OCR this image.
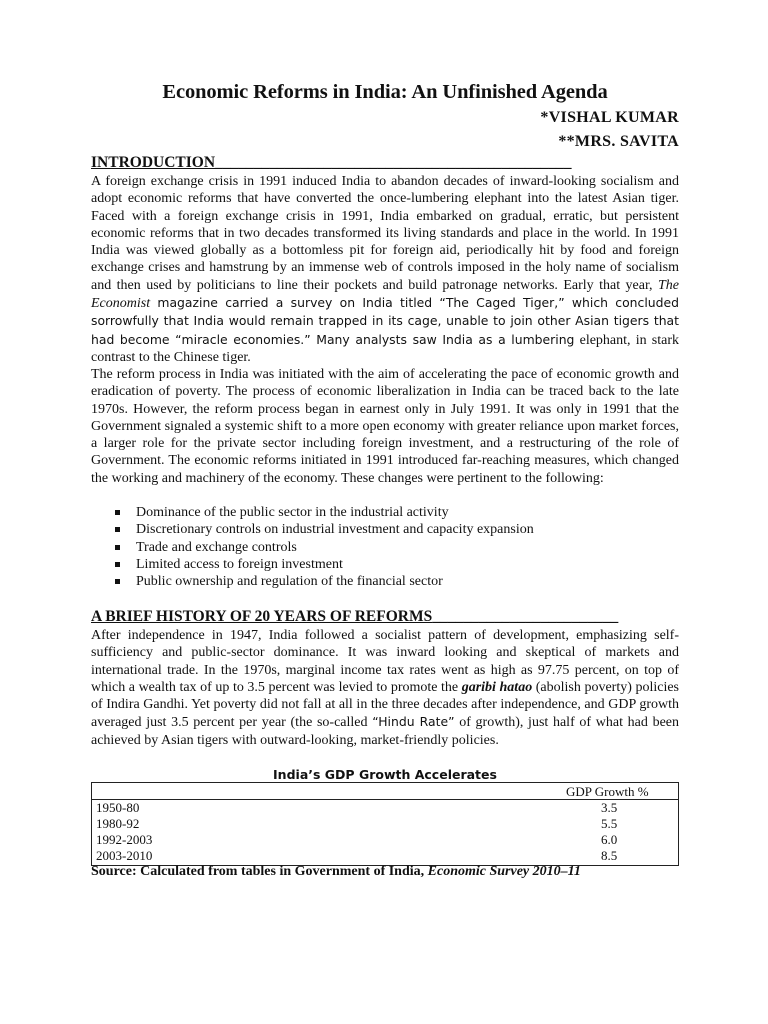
Economic Reforms in India: An Unfinished Agenda
*VISHAL KUMAR
**MRS. SAVITA
INTRODUCTION______________________________________________
A foreign exchange crisis in 1991 induced India to abandon decades of inward-looking socialism and adopt economic reforms that have converted the once-lumbering elephant into the latest Asian tiger. Faced with a foreign exchange crisis in 1991, India embarked on gradual, erratic, but persistent economic reforms that in two decades transformed its living standards and place in the world. In 1991 India was viewed globally as a bottomless pit for foreign aid, periodically hit by food and foreign exchange crises and hamstrung by an immense web of controls imposed in the holy name of socialism and then used by politicians to line their pockets and build patronage networks. Early that year, The Economist magazine carried a survey on India titled “The Caged Tiger,” which concluded sorrowfully that India would remain trapped in its cage, unable to join other Asian tigers that had become “miracle economies.” Many analysts saw India as a lumbering elephant, in stark contrast to the Chinese tiger.
The reform process in India was initiated with the aim of accelerating the pace of economic growth and eradication of poverty. The process of economic liberalization in India can be traced back to the late 1970s. However, the reform process began in earnest only in July 1991. It was only in 1991 that the Government signaled a systemic shift to a more open economy with greater reliance upon market forces, a larger role for the private sector including foreign investment, and a restructuring of the role of Government. The economic reforms initiated in 1991 introduced far-reaching measures, which changed the working and machinery of the economy. These changes were pertinent to the following:
Dominance of the public sector in the industrial activity
Discretionary controls on industrial investment and capacity expansion
Trade and exchange controls
Limited access to foreign investment
Public ownership and regulation of the financial sector
A BRIEF HISTORY OF 20 YEARS OF REFORMS________________________
After independence in 1947, India followed a socialist pattern of development, emphasizing self-sufficiency and public-sector dominance. It was inward looking and skeptical of markets and international trade. In the 1970s, marginal income tax rates went as high as 97.75 percent, on top of which a wealth tax of up to 3.5 percent was levied to promote the garibi hatao (abolish poverty) policies of Indira Gandhi. Yet poverty did not fall at all in the three decades after independence, and GDP growth averaged just 3.5 percent per year (the so-called “Hindu Rate” of growth), just half of what had been achieved by Asian tigers with outward-looking, market-friendly policies.
India’s GDP Growth Accelerates
GDP Growth %
1950-80	3.5
1980-92	5.5
1992-2003	6.0
2003-2010	8.5
Source: Calculated from tables in Government of India, Economic Survey 2010–11
